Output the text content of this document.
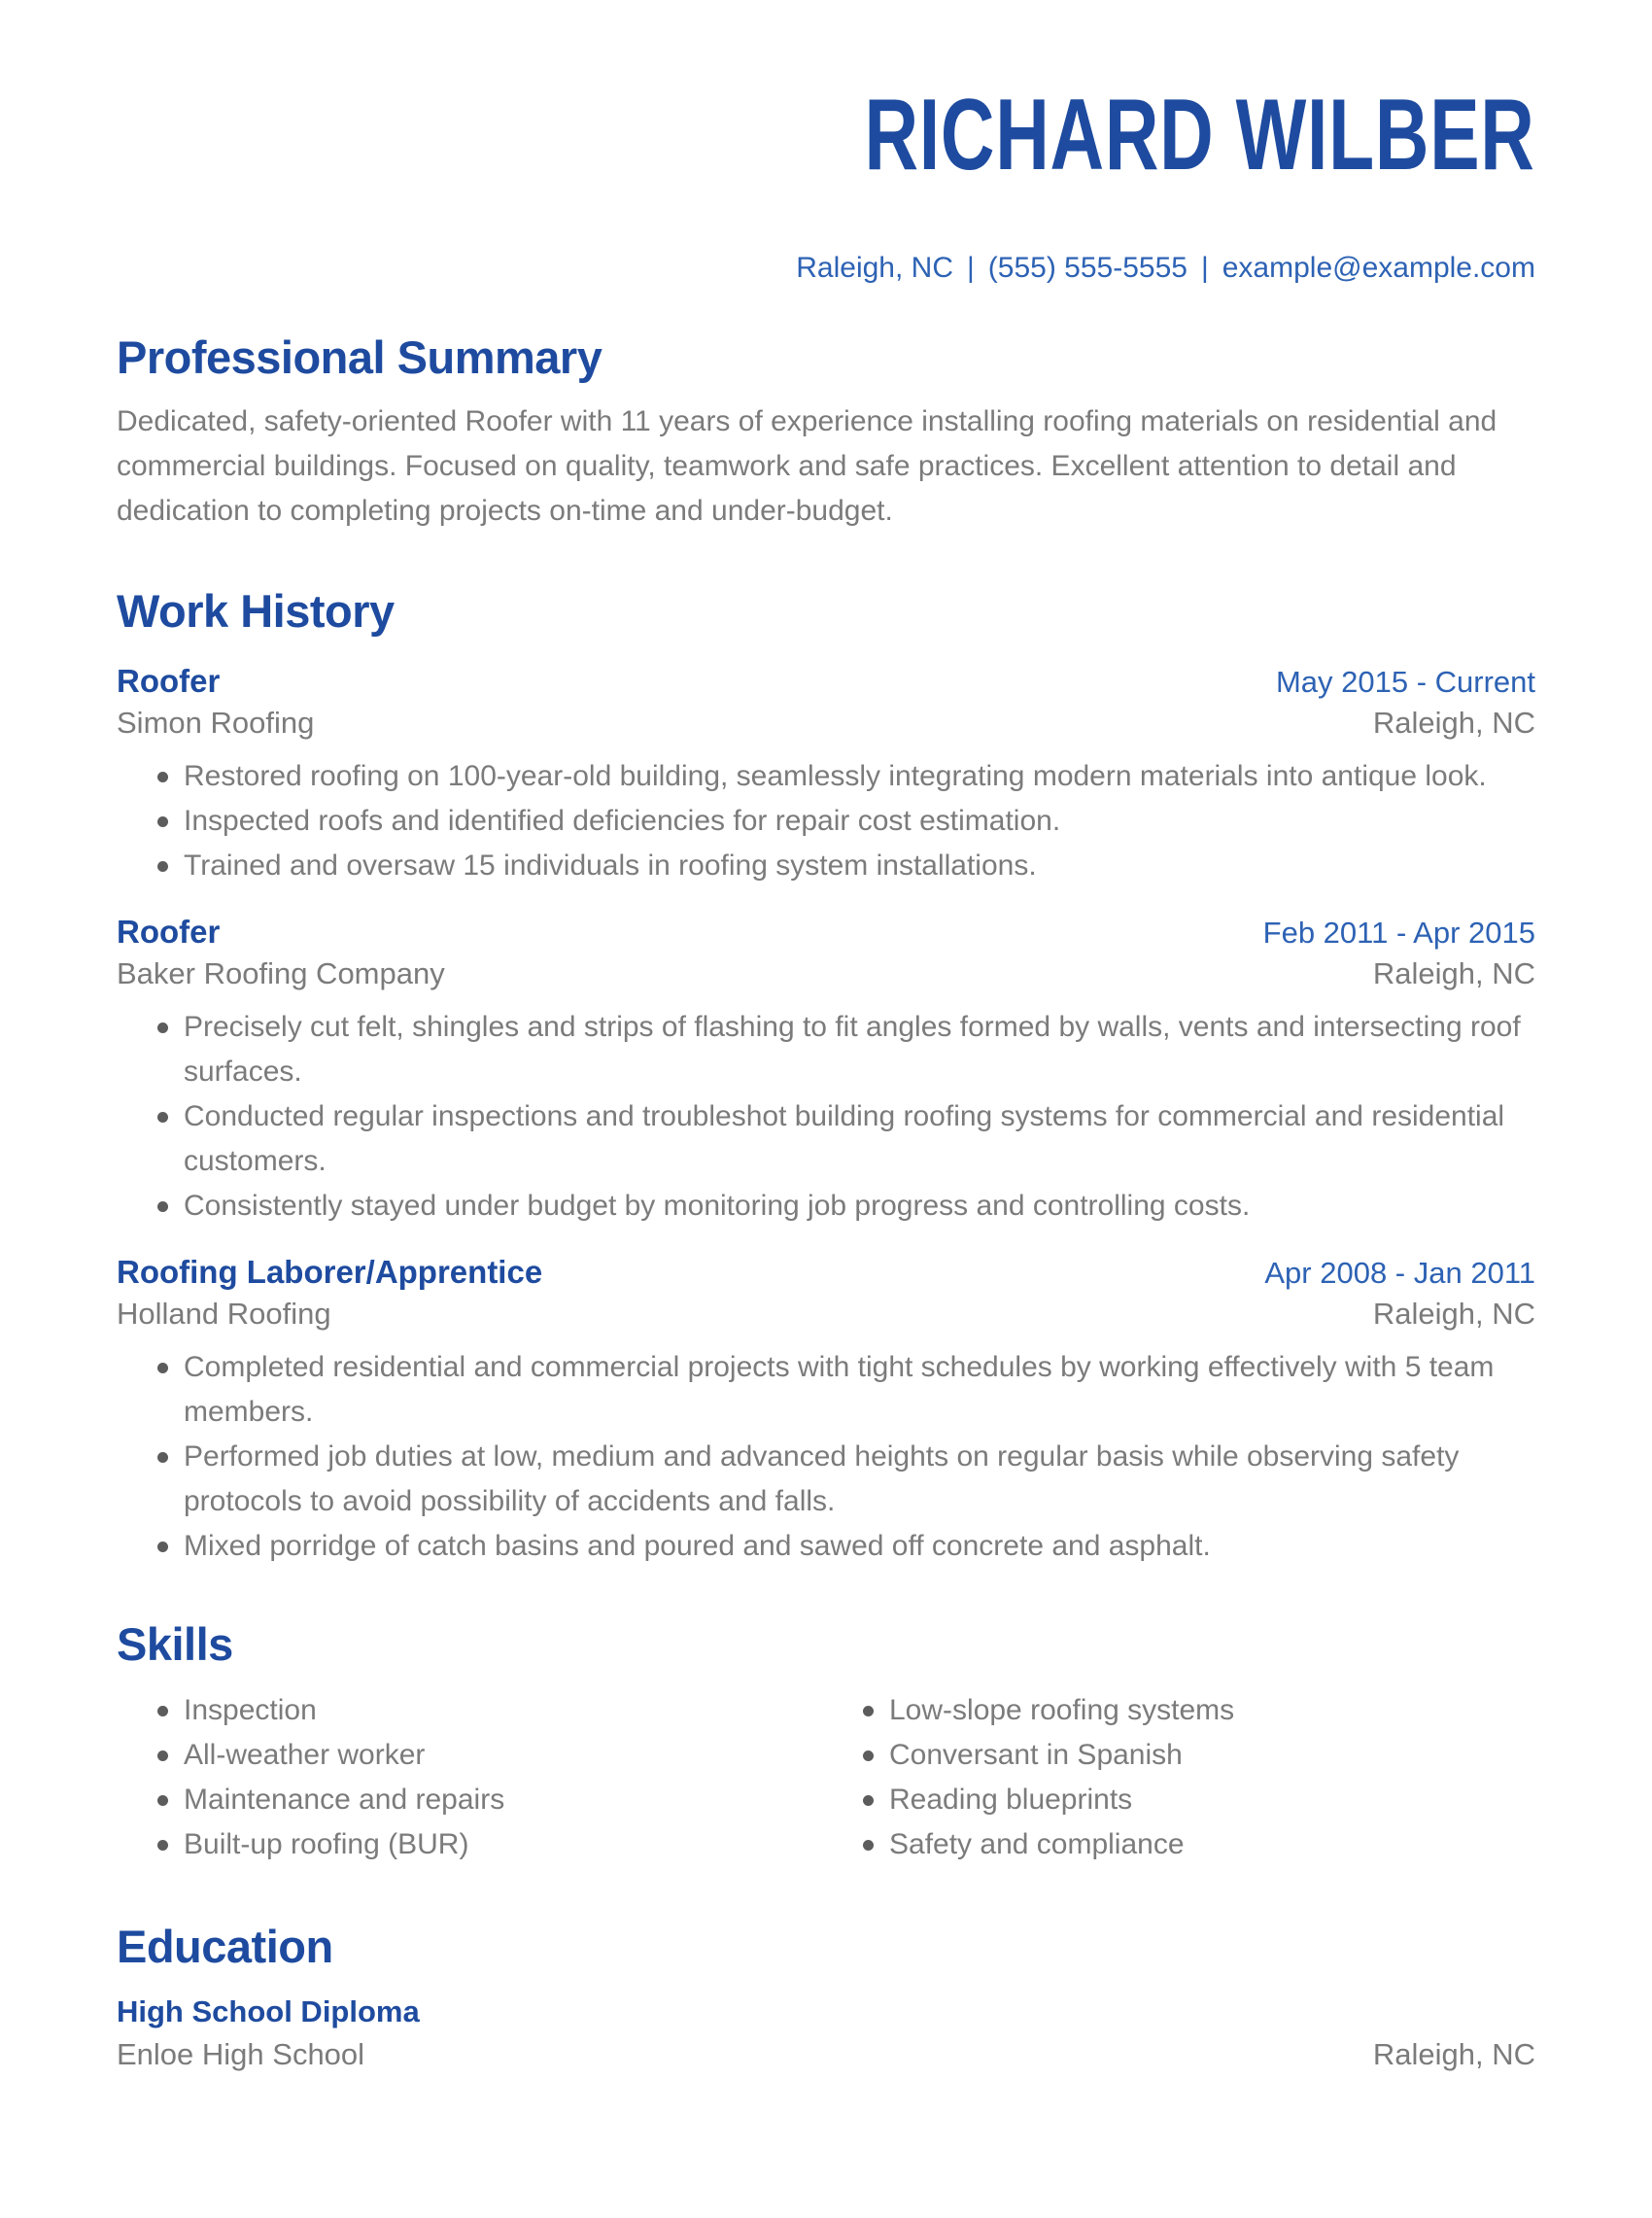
RICHARD WILBER
Raleigh, NC | (555) 555-5555 | example@example.com
Professional Summary

Dedicated, safety-oriented Roofer with 11 years of experience installing roofing materials on residential and commercial buildings. Focused on quality, teamwork and safe practices. Excellent attention to detail and dedication to completing projects on-time and under-budget.

Work History
Roofer	May 2015 - Current
Simon Roofing	Raleigh, NC
Restored roofing on 100-year-old building, seamlessly integrating modern materials into antique look.
Inspected roofs and identified deficiencies for repair cost estimation.
Trained and oversaw 15 individuals in roofing system installations.
Roofer	Feb 2011 - Apr 2015
Baker Roofing Company	Raleigh, NC
Precisely cut felt, shingles and strips of flashing to fit angles formed by walls, vents and intersecting roof surfaces.
Conducted regular inspections and troubleshot building roofing systems for commercial and residential customers.
Consistently stayed under budget by monitoring job progress and controlling costs.
Roofing Laborer/Apprentice	Apr 2008 - Jan 2011
Holland Roofing	Raleigh, NC
Completed residential and commercial projects with tight schedules by working effectively with 5 team members.
Performed job duties at low, medium and advanced heights on regular basis while observing safety protocols to avoid possibility of accidents and falls.
Mixed porridge of catch basins and poured and sawed off concrete and asphalt.
Skills
Inspection
All-weather worker
Maintenance and repairs
Built-up roofing (BUR)
Low-slope roofing systems
Conversant in Spanish
Reading blueprints
Safety and compliance
Education
High School Diploma
Enloe High School	Raleigh, NC
